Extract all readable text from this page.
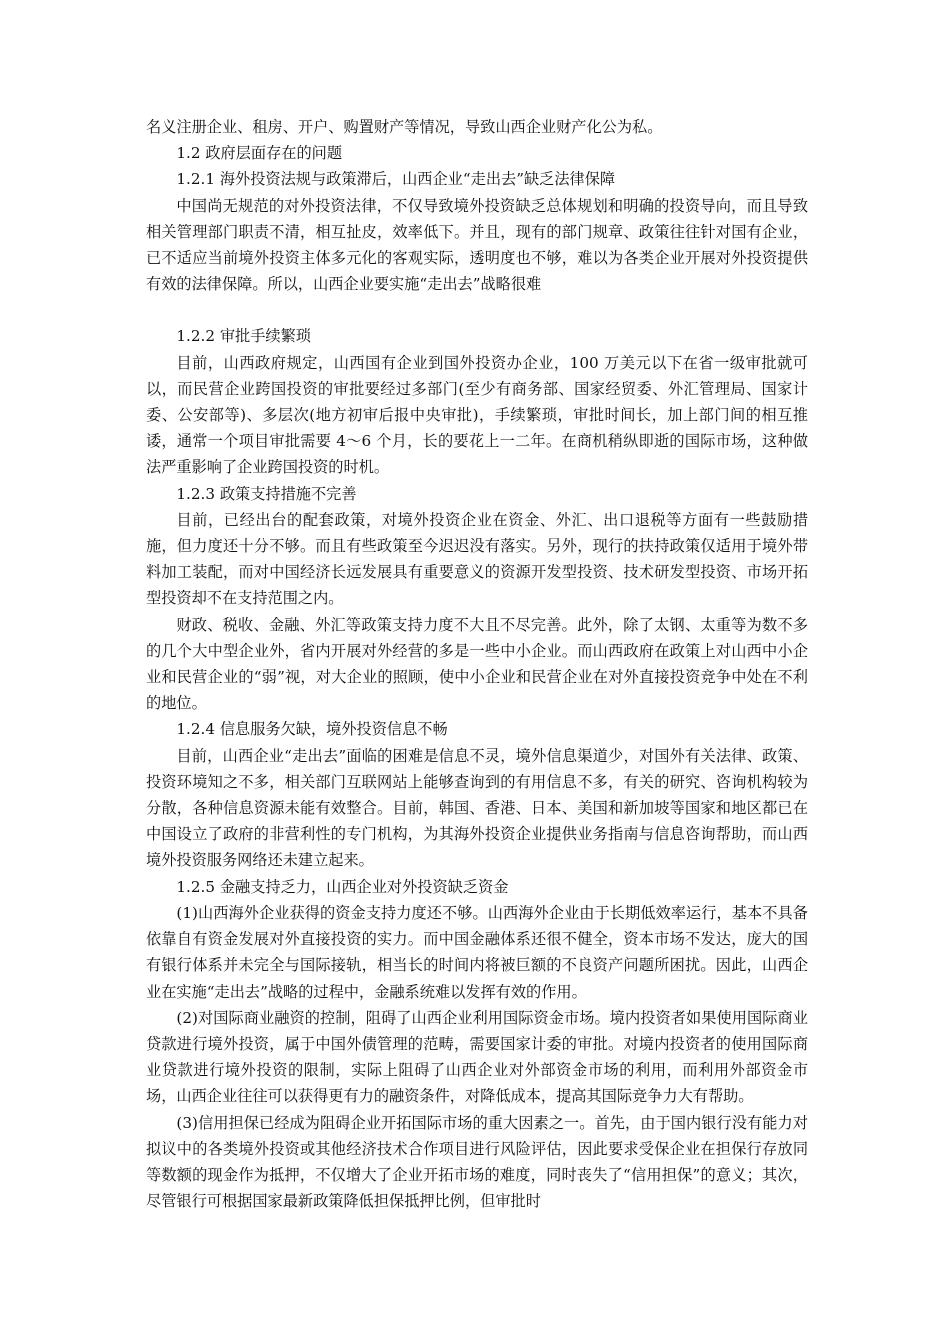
名义注册企业、租房、开户、购置财产等情况，导致山西企业财产化公为私。

1.2 政府层面存在的问题

1.2.1 海外投资法规与政策滞后，山西企业“走出去”缺乏法律保障

中国尚无规范的对外投资法律，不仅导致境外投资缺乏总体规划和明确的投资导向，而且导致相关管理部门职责不清，相互扯皮，效率低下。并且，现有的部门规章、政策往往针对国有企业，已不适应当前境外投资主体多元化的客观实际，透明度也不够，难以为各类企业开展对外投资提供有效的法律保障。所以，山西企业要实施“走出去”战略很难

1.2.2 审批手续繁琐

目前，山西政府规定，山西国有企业到国外投资办企业，100 万美元以下在省一级审批就可以，而民营企业跨国投资的审批要经过多部门(至少有商务部、国家经贸委、外汇管理局、国家计委、公安部等)、多层次(地方初审后报中央审批)，手续繁琐，审批时间长，加上部门间的相互推诿，通常一个项目审批需要 4～6 个月，长的要花上一二年。在商机稍纵即逝的国际市场，这种做法严重影响了企业跨国投资的时机。

1.2.3 政策支持措施不完善

目前，已经出台的配套政策，对境外投资企业在资金、外汇、出口退税等方面有一些鼓励措施，但力度还十分不够。而且有些政策至今迟迟没有落实。另外，现行的扶持政策仅适用于境外带料加工装配，而对中国经济长远发展具有重要意义的资源开发型投资、技术研发型投资、市场开拓型投资却不在支持范围之内。

财政、税收、金融、外汇等政策支持力度不大且不尽完善。此外，除了太钢、太重等为数不多的几个大中型企业外，省内开展对外经营的多是一些中小企业。而山西政府在政策上对山西中小企业和民营企业的“弱”视，对大企业的照顾，使中小企业和民营企业在对外直接投资竞争中处在不利的地位。

1.2.4 信息服务欠缺，境外投资信息不畅

目前，山西企业“走出去”面临的困难是信息不灵，境外信息渠道少，对国外有关法律、政策、投资环境知之不多，相关部门互联网站上能够查询到的有用信息不多，有关的研究、咨询机构较为分散，各种信息资源未能有效整合。目前，韩国、香港、日本、美国和新加坡等国家和地区都已在中国设立了政府的非营利性的专门机构，为其海外投资企业提供业务指南与信息咨询帮助，而山西境外投资服务网络还未建立起来。

1.2.5 金融支持乏力，山西企业对外投资缺乏资金

(1)山西海外企业获得的资金支持力度还不够。山西海外企业由于长期低效率运行，基本不具备依靠自有资金发展对外直接投资的实力。而中国金融体系还很不健全，资本市场不发达，庞大的国有银行体系并未完全与国际接轨，相当长的时间内将被巨额的不良资产问题所困扰。因此，山西企业在实施“走出去”战略的过程中，金融系统难以发挥有效的作用。

(2)对国际商业融资的控制，阻碍了山西企业利用国际资金市场。境内投资者如果使用国际商业贷款进行境外投资，属于中国外债管理的范畴，需要国家计委的审批。对境内投资者的使用国际商业贷款进行境外投资的限制，实际上阻碍了山西企业对外部资金市场的利用，而利用外部资金市场，山西企业往往可以获得更有力的融资条件，对降低成本，提高其国际竞争力大有帮助。

(3)信用担保已经成为阻碍企业开拓国际市场的重大因素之一。首先，由于国内银行没有能力对拟议中的各类境外投资或其他经济技术合作项目进行风险评估，因此要求受保企业在担保行存放同等数额的现金作为抵押，不仅增大了企业开拓市场的难度，同时丧失了“信用担保”的意义；其次，尽管银行可根据国家最新政策降低担保抵押比例，但审批时
